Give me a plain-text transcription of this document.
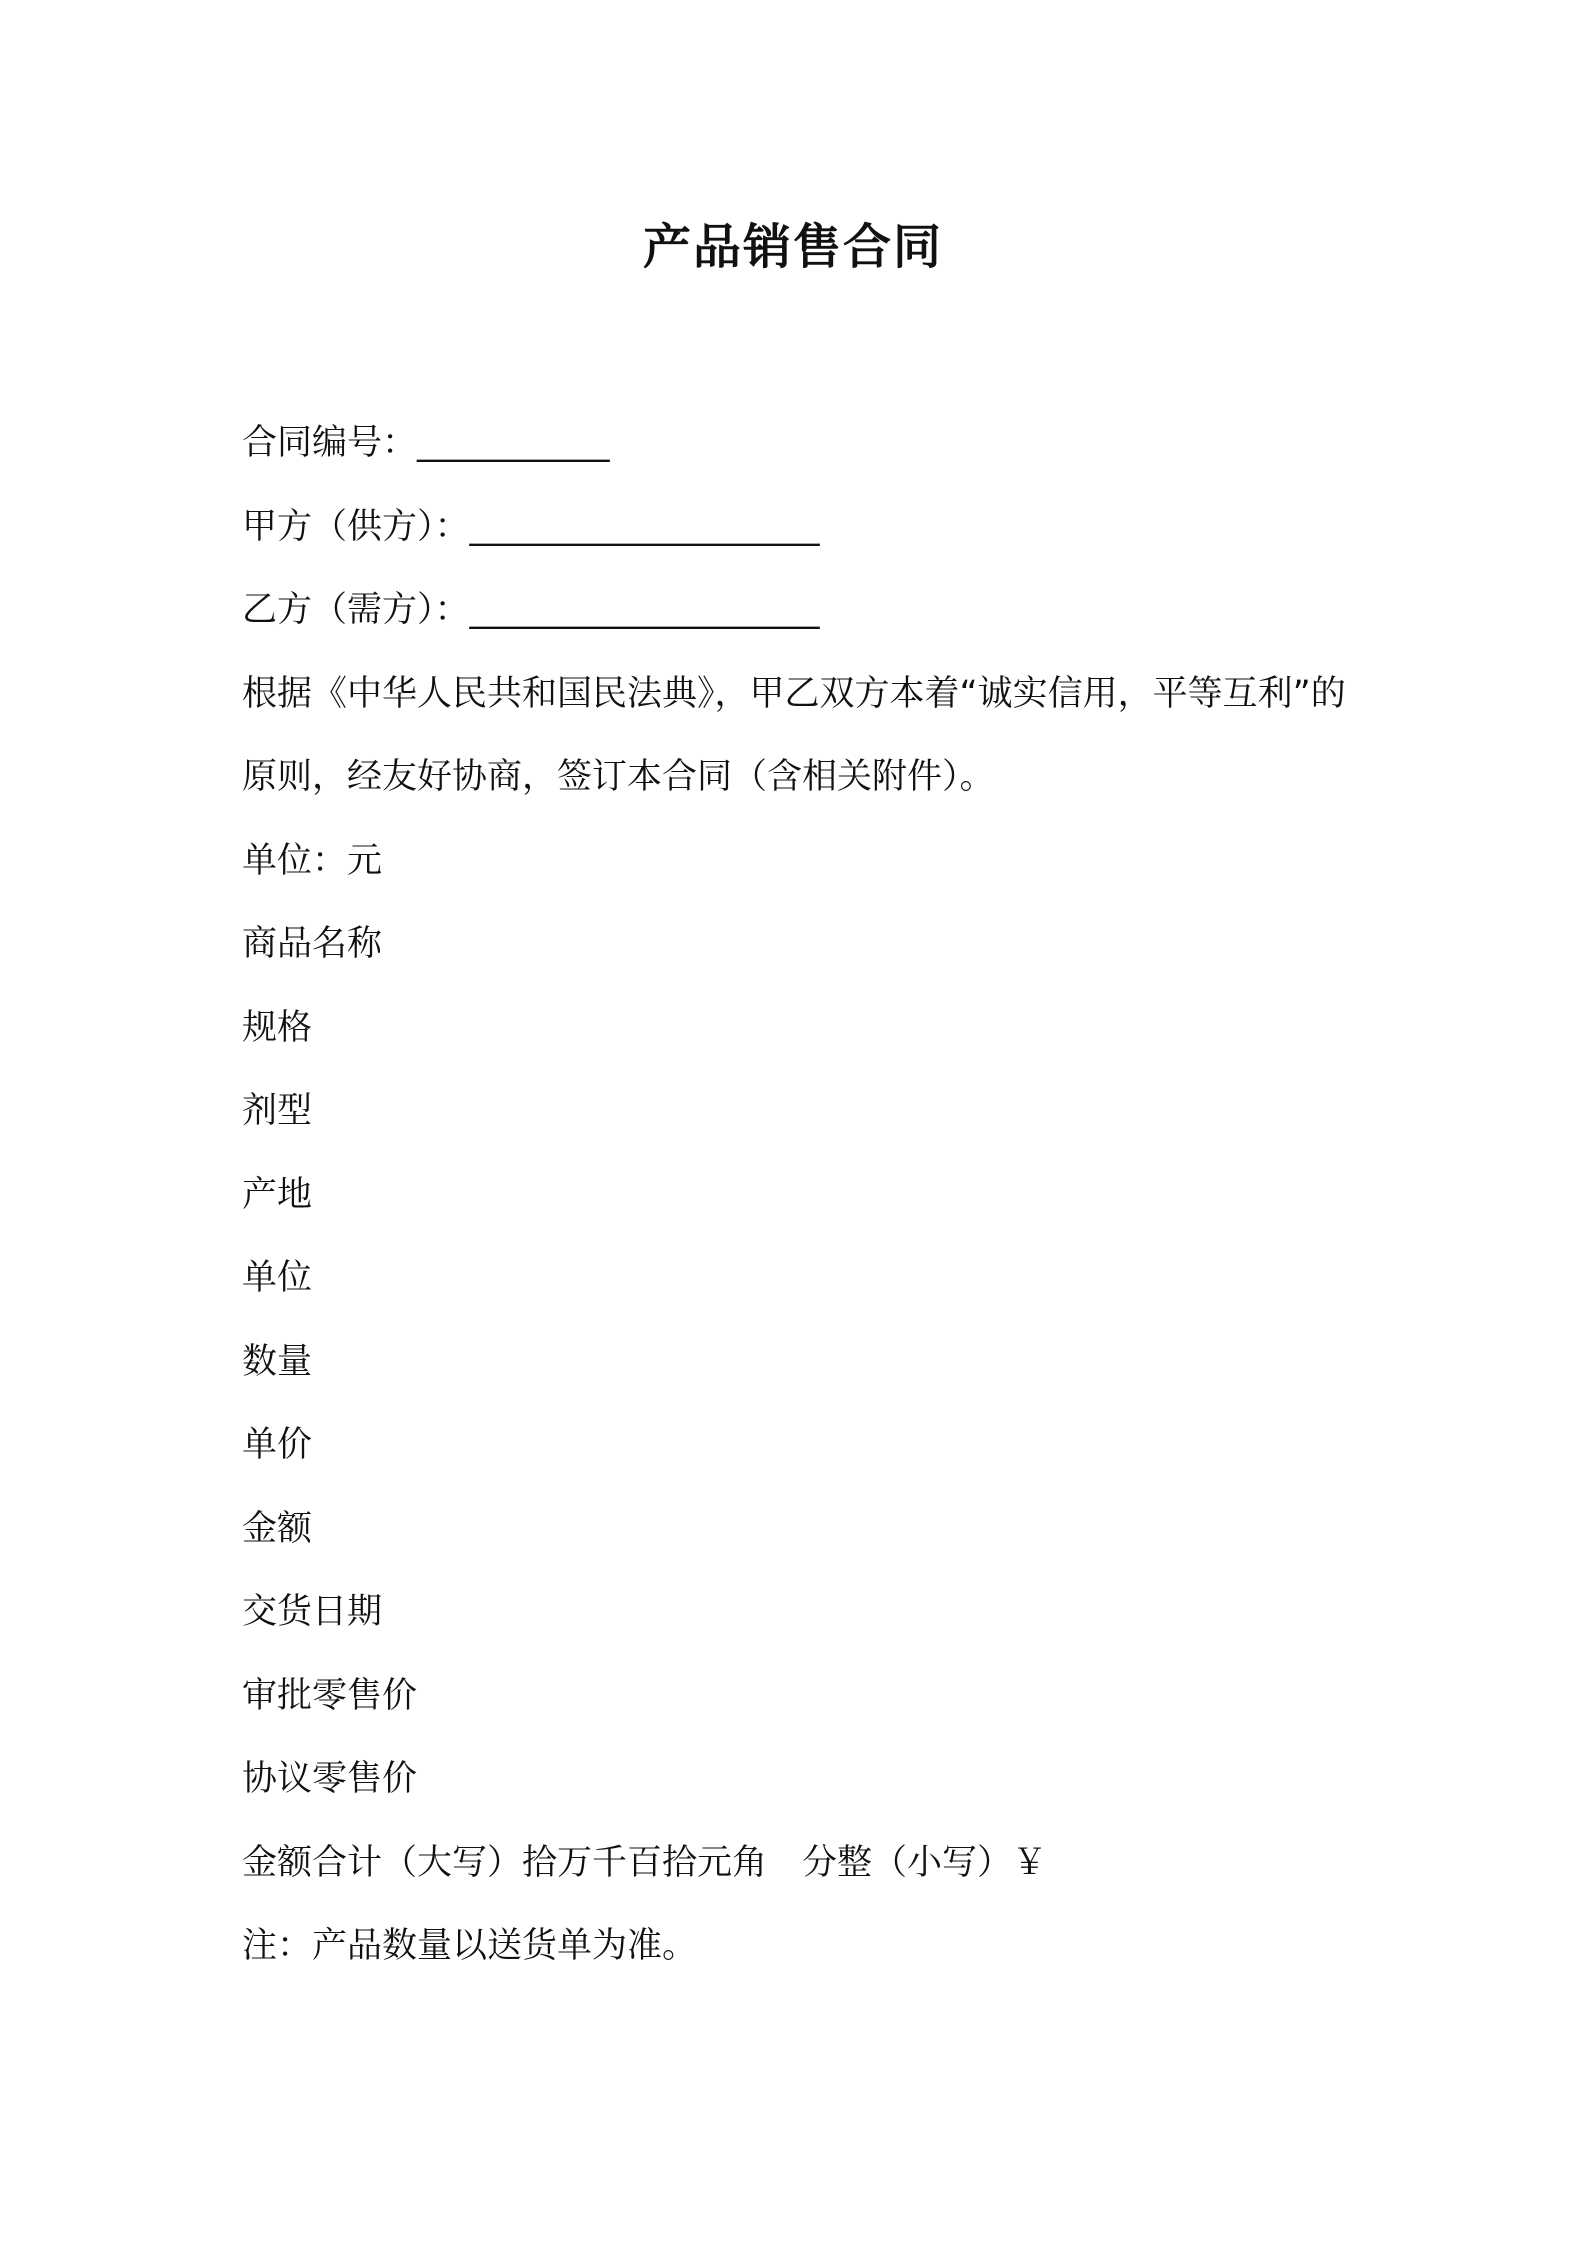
产品销售合同

合同编号：___________

甲方（供方）：____________________

乙方（需方）：____________________

根据《中华人民共和国民法典》，甲乙双方本着“诚实信用，平等互利”的原则，经友好协商，签订本合同（含相关附件）。

单位：元

商品名称

规格

剂型

产地

单位

数量

单价

金额

交货日期

审批零售价

协议零售价

金额合计（大写）拾万千百拾元角　分整（小写）￥

注：产品数量以送货单为准。
